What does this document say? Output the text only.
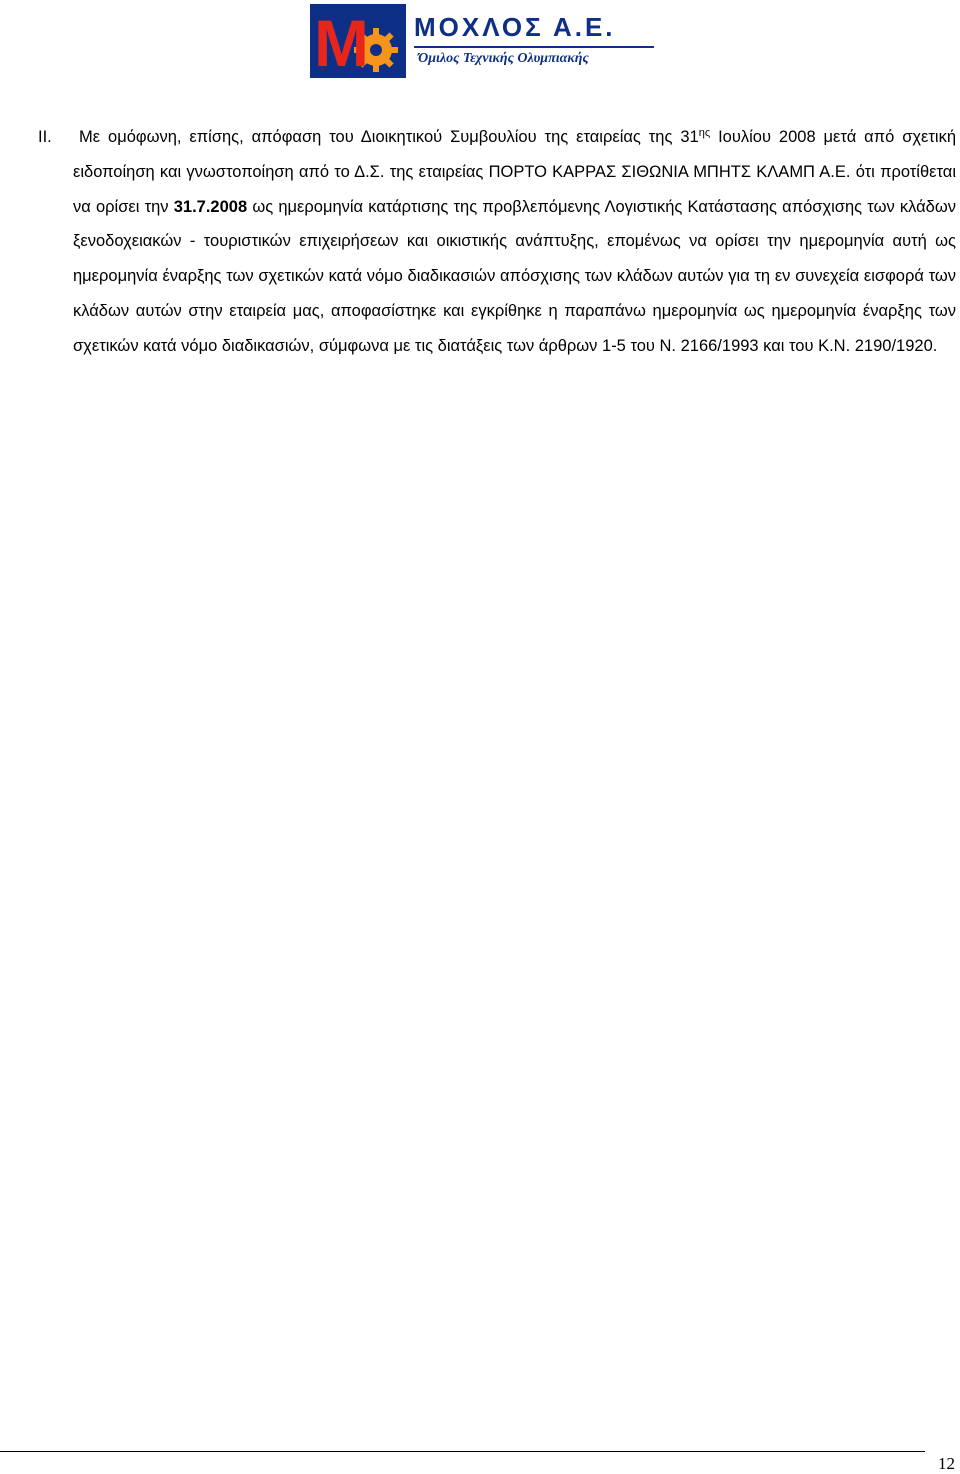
M ΜΟΧΛΟΣ Α.Ε.
Όμιλος Τεχνικής Ολυμπιακής
ΙΙ.	Με ομόφωνη, επίσης, απόφαση του Διοικητικού Συμβουλίου της εταιρείας της $31^{\eta\varsigma}$ Ιουλίου 2008 μετά από σχετική ειδοποίηση και γνωστοποίηση από το Δ.Σ. της εταιρείας ΠΟΡΤΟ ΚΑΡΡΑΣ ΣΙΘΩΝΙΑ ΜΠΗΤΣ ΚΛΑΜΠ Α.Ε. ότι προτίθεται να ορίσει την 31.7.2008 ως ημερομηνία κατάρτισης της προβλεπόμενης Λογιστικής Κατάστασης απόσχισης των κλάδων ξενοδοχειακών - τουριστικών επιχειρήσεων και οικιστικής ανάπτυξης, επομένως να ορίσει την ημερομηνία αυτή ως ημερομηνία έναρξης των σχετικών κατά νόμο διαδικασιών απόσχισης των κλάδων αυτών για τη εν συνεχεία εισφορά των κλάδων αυτών στην εταιρεία μας, αποφασίστηκε και εγκρίθηκε η παραπάνω ημερομηνία ως ημερομηνία έναρξης των σχετικών κατά νόμο διαδικασιών, σύμφωνα με τις διατάξεις των άρθρων 1-5 του Ν. 2166/1993 και του Κ.Ν. 2190/1920.

12
